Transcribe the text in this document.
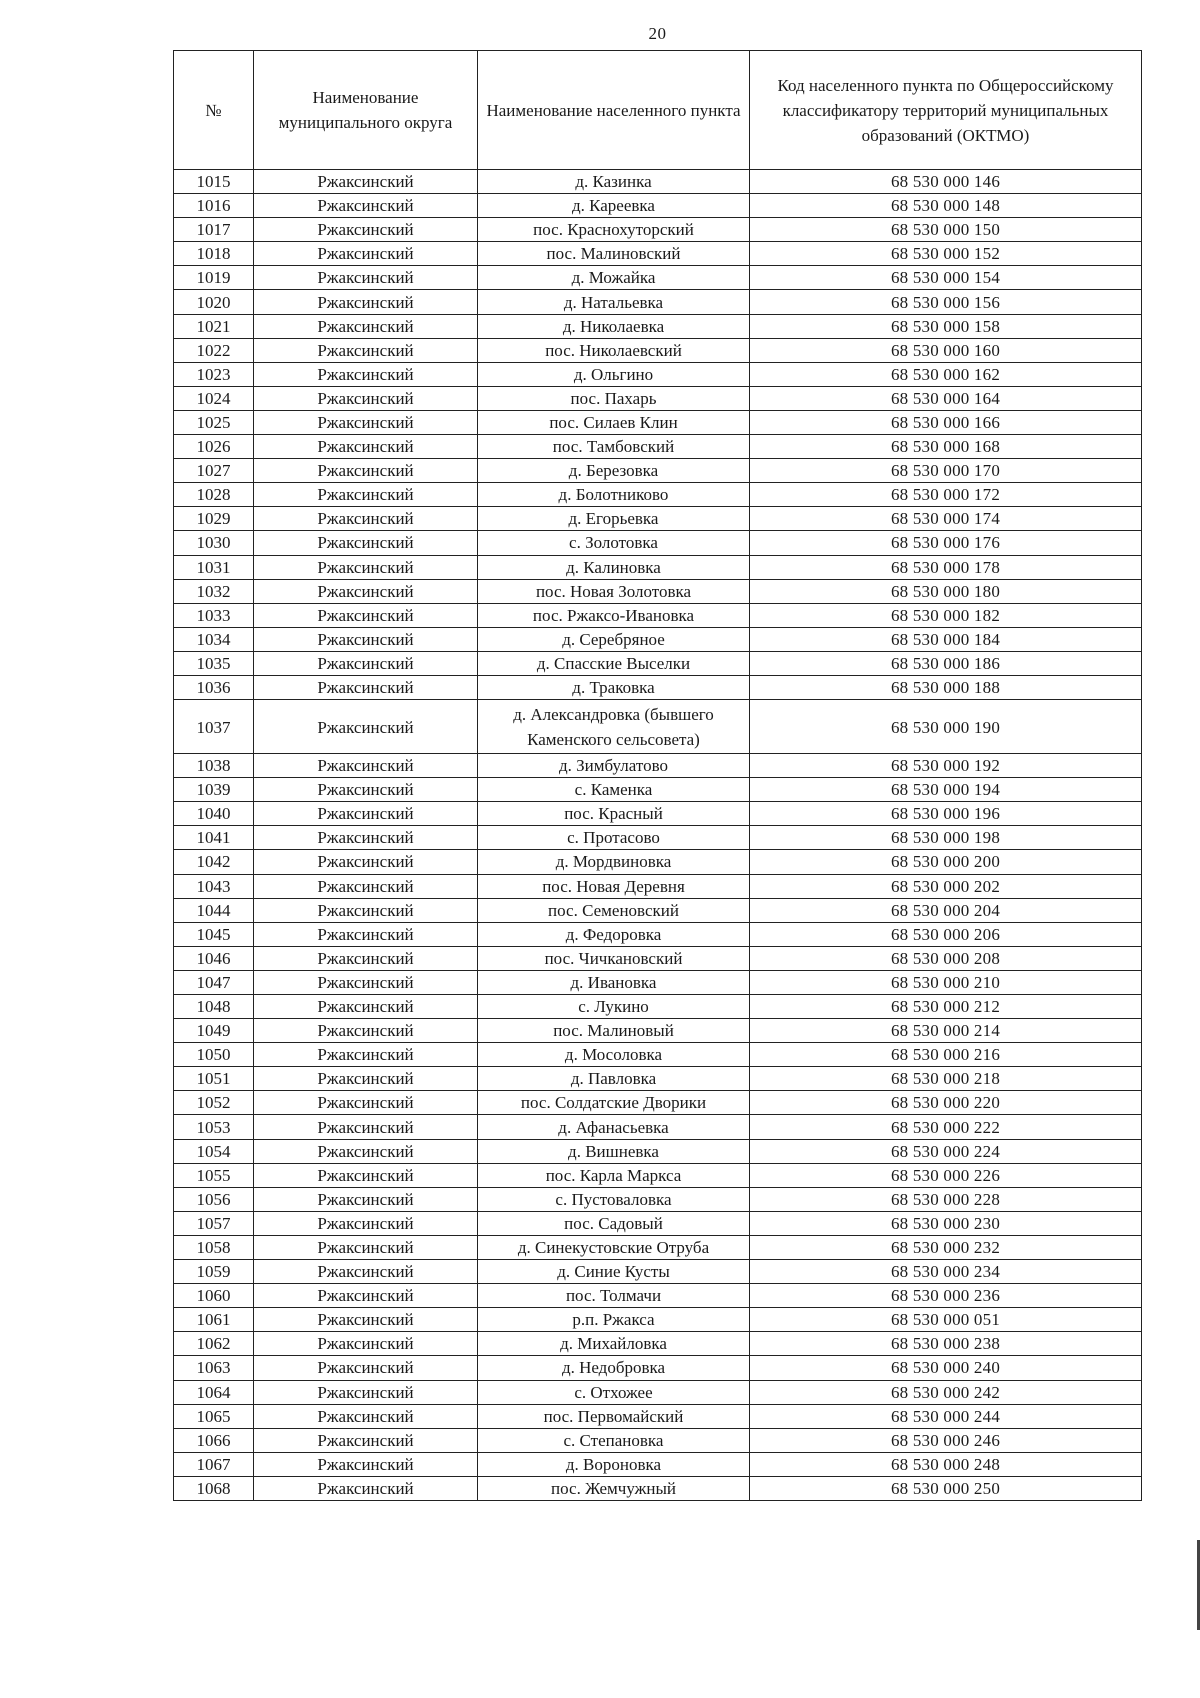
20
№	Наименование муниципального округа	Наименование населенного пункта	Код населенного пункта по Общероссийскому классификатору территорий муниципальных образований (ОКТМО)
1015	Ржаксинский	д. Казинка	68 530 000 146
1016	Ржаксинский	д. Кареевка	68 530 000 148
1017	Ржаксинский	пос. Краснохуторский	68 530 000 150
1018	Ржаксинский	пос. Малиновский	68 530 000 152
1019	Ржаксинский	д. Можайка	68 530 000 154
1020	Ржаксинский	д. Натальевка	68 530 000 156
1021	Ржаксинский	д. Николаевка	68 530 000 158
1022	Ржаксинский	пос. Николаевский	68 530 000 160
1023	Ржаксинский	д. Ольгино	68 530 000 162
1024	Ржаксинский	пос. Пахарь	68 530 000 164
1025	Ржаксинский	пос. Силаев Клин	68 530 000 166
1026	Ржаксинский	пос. Тамбовский	68 530 000 168
1027	Ржаксинский	д. Березовка	68 530 000 170
1028	Ржаксинский	д. Болотниково	68 530 000 172
1029	Ржаксинский	д. Егорьевка	68 530 000 174
1030	Ржаксинский	с. Золотовка	68 530 000 176
1031	Ржаксинский	д. Калиновка	68 530 000 178
1032	Ржаксинский	пос. Новая Золотовка	68 530 000 180
1033	Ржаксинский	пос. Ржаксо-Ивановка	68 530 000 182
1034	Ржаксинский	д. Серебряное	68 530 000 184
1035	Ржаксинский	д. Спасские Выселки	68 530 000 186
1036	Ржаксинский	д. Траковка	68 530 000 188
1037	Ржаксинский	д. Александровка (бывшего Каменского сельсовета)	68 530 000 190
1038	Ржаксинский	д. Зимбулатово	68 530 000 192
1039	Ржаксинский	с. Каменка	68 530 000 194
1040	Ржаксинский	пос. Красный	68 530 000 196
1041	Ржаксинский	с. Протасово	68 530 000 198
1042	Ржаксинский	д. Мордвиновка	68 530 000 200
1043	Ржаксинский	пос. Новая Деревня	68 530 000 202
1044	Ржаксинский	пос. Семеновский	68 530 000 204
1045	Ржаксинский	д. Федоровка	68 530 000 206
1046	Ржаксинский	пос. Чичкановский	68 530 000 208
1047	Ржаксинский	д. Ивановка	68 530 000 210
1048	Ржаксинский	с. Лукино	68 530 000 212
1049	Ржаксинский	пос. Малиновый	68 530 000 214
1050	Ржаксинский	д. Мосоловка	68 530 000 216
1051	Ржаксинский	д. Павловка	68 530 000 218
1052	Ржаксинский	пос. Солдатские Дворики	68 530 000 220
1053	Ржаксинский	д. Афанасьевка	68 530 000 222
1054	Ржаксинский	д. Вишневка	68 530 000 224
1055	Ржаксинский	пос. Карла Маркса	68 530 000 226
1056	Ржаксинский	с. Пустоваловка	68 530 000 228
1057	Ржаксинский	пос. Садовый	68 530 000 230
1058	Ржаксинский	д. Синекустовские Отруба	68 530 000 232
1059	Ржаксинский	д. Синие Кусты	68 530 000 234
1060	Ржаксинский	пос. Толмачи	68 530 000 236
1061	Ржаксинский	р.п. Ржакса	68 530 000 051
1062	Ржаксинский	д. Михайловка	68 530 000 238
1063	Ржаксинский	д. Недобровка	68 530 000 240
1064	Ржаксинский	с. Отхожее	68 530 000 242
1065	Ржаксинский	пос. Первомайский	68 530 000 244
1066	Ржаксинский	с. Степановка	68 530 000 246
1067	Ржаксинский	д. Вороновка	68 530 000 248
1068	Ржаксинский	пос. Жемчужный	68 530 000 250
